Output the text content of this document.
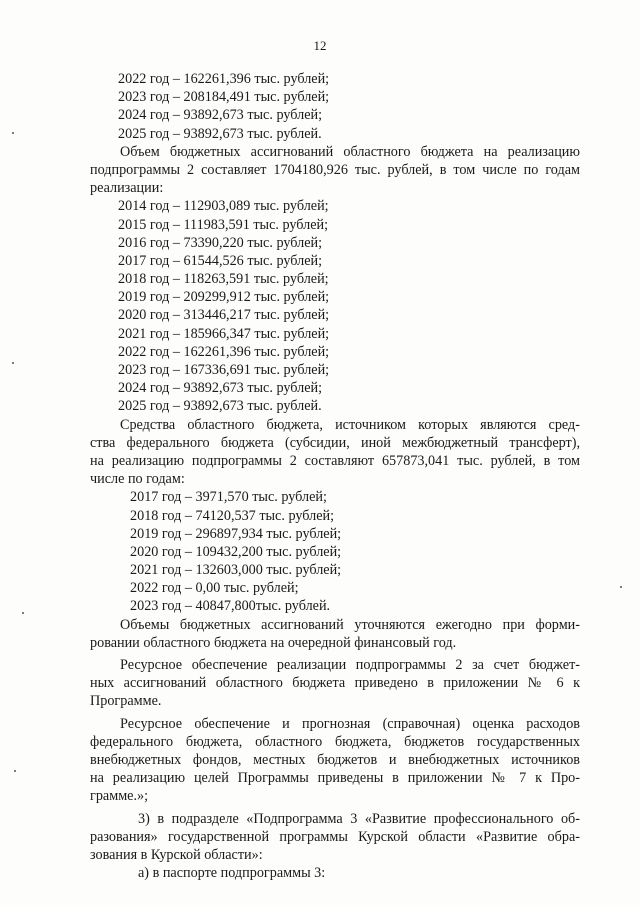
12
2022 год – 162261,396 тыс. рублей;
2023 год – 208184,491 тыс. рублей;
2024 год – 93892,673 тыс. рублей;
2025 год – 93892,673 тыс. рублей.
Объем бюджетных ассигнований областного бюджета на реализацию
подпрограммы 2 составляет 1704180,926 тыс. рублей, в том числе по годам
реализации:
2014 год – 112903,089 тыс. рублей;
2015 год – 111983,591 тыс. рублей;
2016 год – 73390,220 тыс. рублей;
2017 год – 61544,526 тыс. рублей;
2018 год – 118263,591 тыс. рублей;
2019 год – 209299,912 тыс. рублей;
2020 год – 313446,217 тыс. рублей;
2021 год – 185966,347 тыс. рублей;
2022 год – 162261,396 тыс. рублей;
2023 год – 167336,691 тыс. рублей;
2024 год – 93892,673 тыс. рублей;
2025 год – 93892,673 тыс. рублей.
Средства областного бюджета, источником которых являются сред-
ства федерального бюджета (субсидии, иной межбюджетный трансферт),
на реализацию подпрограммы 2 составляют 657873,041 тыс. рублей, в том
числе по годам:
2017 год – 3971,570 тыс. рублей;
2018 год – 74120,537 тыс. рублей;
2019 год – 296897,934 тыс. рублей;
2020 год – 109432,200 тыс. рублей;
2021 год – 132603,000 тыс. рублей;
2022 год – 0,00 тыс. рублей;
2023 год – 40847,800тыс. рублей.
Объемы бюджетных ассигнований уточняются ежегодно при форми-
ровании областного бюджета на очередной финансовый год.
Ресурсное обеспечение реализации подпрограммы 2 за счет бюджет-
ных ассигнований областного бюджета приведено в приложении № 6 к
Программе.
Ресурсное обеспечение и прогнозная (справочная) оценка расходов
федерального бюджета, областного бюджета, бюджетов государственных
внебюджетных фондов, местных бюджетов и внебюджетных источников
на реализацию целей Программы приведены в приложении № 7 к Про-
грамме.»;
3) в подразделе «Подпрограмма 3 «Развитие профессионального об-
разования» государственной программы Курской области «Развитие обра-
зования в Курской области»:
а) в паспорте подпрограммы 3:
